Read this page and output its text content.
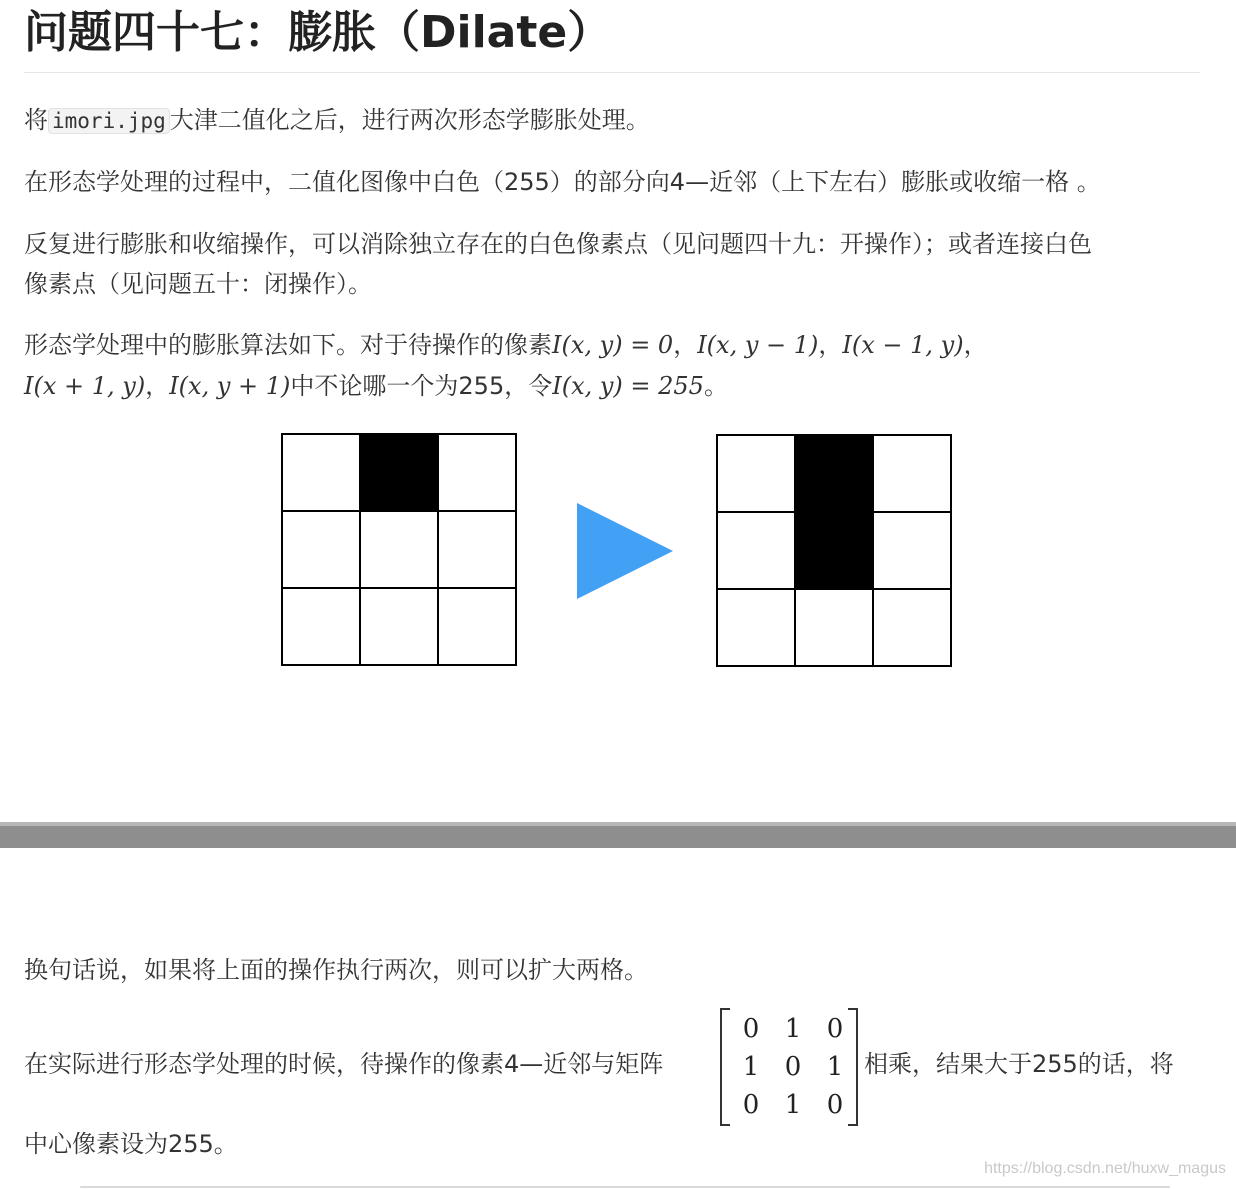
问题四十七：膨胀（Dilate）
将 imori.jpg 大津二值化之后，进行两次形态学膨胀处理。
在形态学处理的过程中，二值化图像中白色（255）的部分向4—近邻（上下左右）膨胀或收缩一格 。
反复进行膨胀和收缩操作，可以消除独立存在的白色像素点（见问题四十九：开操作）；或者连接白色
像素点（见问题五十：闭操作）。
形态学处理中的膨胀算法如下。对于待操作的像素I(x, y) = 0，I(x, y − 1)，I(x − 1, y)，
I(x + 1, y)，I(x, y + 1)中不论哪一个为255，令I(x, y) = 255。

换句话说，如果将上面的操作执行两次，则可以扩大两格。
在实际进行形态学处理的时候，待操作的像素4—近邻与矩阵
0	1	0
1	0	1
0	1	0
相乘，结果大于255的话，将
中心像素设为255。
https://blog.csdn.net/huxw_magus
